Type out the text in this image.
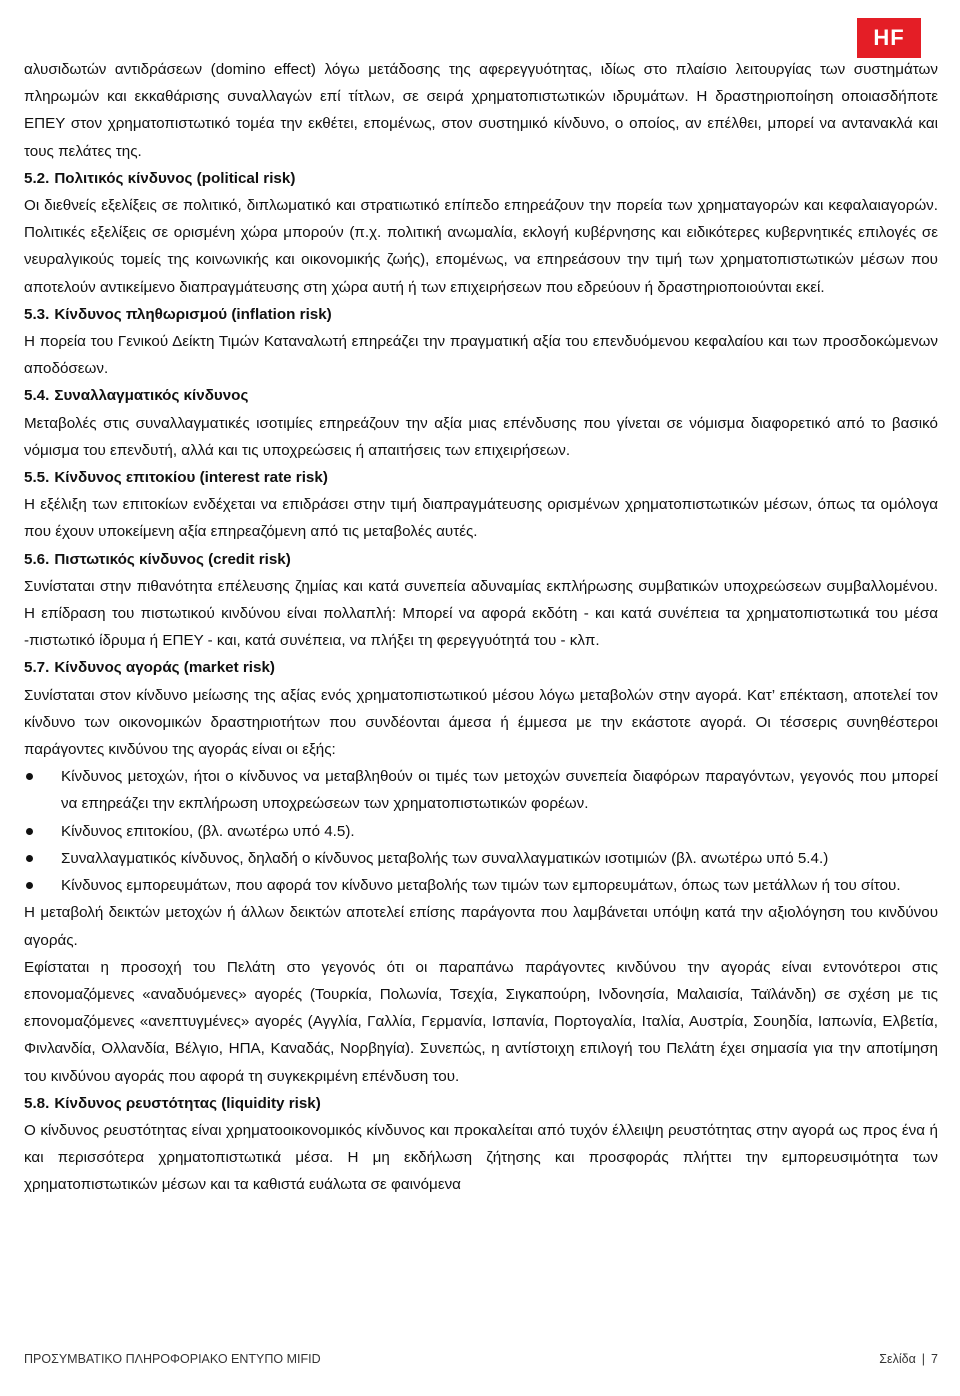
HF

αλυσιδωτών αντιδράσεων (domino effect) λόγω μετάδοσης της αφερεγγυότητας, ιδίως στο πλαίσιο λειτουργίας των συστημάτων πληρωμών και εκκαθάρισης συναλλαγών επί τίτλων, σε σειρά χρηματοπιστωτικών ιδρυμάτων. Η δραστηριοποίηση οποιασδήποτε ΕΠΕΥ στον χρηματοπιστωτικό τομέα την εκθέτει, επομένως, στον συστημικό κίνδυνο, ο οποίος, αν επέλθει, μπορεί να αντανακλά και τους πελάτες της.

5.2. Πολιτικός κίνδυνος (political risk)

Οι διεθνείς εξελίξεις σε πολιτικό, διπλωματικό και στρατιωτικό επίπεδο επηρεάζουν την πορεία των χρηματαγορών και κεφαλαιαγορών. Πολιτικές εξελίξεις σε ορισμένη χώρα μπορούν (π.χ. πολιτική ανωμαλία, εκλογή κυβέρνησης και ειδικότερες κυβερνητικές επιλογές σε νευραλγικούς τομείς της κοινωνικής και οικονομικής ζωής), επομένως, να επηρεάσουν την τιμή των χρηματοπιστωτικών μέσων που αποτελούν αντικείμενο διαπραγμάτευσης στη χώρα αυτή ή των επιχειρήσεων που εδρεύουν ή δραστηριοποιούνται εκεί.

5.3. Κίνδυνος πληθωρισμού (inflation risk)

Η πορεία του Γενικού Δείκτη Τιμών Καταναλωτή επηρεάζει την πραγματική αξία του επενδυόμενου κεφαλαίου και των προσδοκώμενων αποδόσεων.

5.4. Συναλλαγματικός κίνδυνος

Μεταβολές στις συναλλαγματικές ισοτιμίες επηρεάζουν την αξία μιας επένδυσης που γίνεται σε νόμισμα διαφορετικό από το βασικό νόμισμα του επενδυτή, αλλά και τις υποχρεώσεις ή απαιτήσεις των επιχειρήσεων.

5.5. Κίνδυνος επιτοκίου (interest rate risk)

Η εξέλιξη των επιτοκίων ενδέχεται να επιδράσει στην τιμή διαπραγμάτευσης ορισμένων χρηματοπιστωτικών μέσων, όπως τα ομόλογα που έχουν υποκείμενη αξία επηρεαζόμενη από τις μεταβολές αυτές.

5.6. Πιστωτικός κίνδυνος (credit risk)

Συνίσταται στην πιθανότητα επέλευσης ζημίας και κατά συνεπεία αδυναμίας εκπλήρωσης συμβατικών υποχρεώσεων συμβαλλομένου. Η επίδραση του πιστωτικού κινδύνου είναι πολλαπλή: Μπορεί να αφορά εκδότη - και κατά συνέπεια τα χρηματοπιστωτικά του μέσα -πιστωτικό ίδρυμα ή ΕΠΕΥ - και, κατά συνέπεια, να πλήξει τη φερεγγυότητά του - κλπ.

5.7. Κίνδυνος αγοράς (market risk)

Συνίσταται στον κίνδυνο μείωσης της αξίας ενός χρηματοπιστωτικού μέσου λόγω μεταβολών στην αγορά. Κατ’ επέκταση, αποτελεί τον κίνδυνο των οικονομικών δραστηριοτήτων που συνδέονται άμεσα ή έμμεσα με την εκάστοτε αγορά. Οι τέσσερις συνηθέστεροι παράγοντες κινδύνου της αγοράς είναι οι εξής:

Κίνδυνος μετοχών, ήτοι ο κίνδυνος να μεταβληθούν οι τιμές των μετοχών συνεπεία διαφόρων παραγόντων, γεγονός που μπορεί να επηρεάζει την εκπλήρωση υποχρεώσεων των χρηματοπιστωτικών φορέων.
Κίνδυνος επιτοκίου, (βλ. ανωτέρω υπό 4.5).
Συναλλαγματικός κίνδυνος, δηλαδή ο κίνδυνος μεταβολής των συναλλαγματικών ισοτιμιών (βλ. ανωτέρω υπό 5.4.)
Κίνδυνος εμπορευμάτων, που αφορά τον κίνδυνο μεταβολής των τιμών των εμπορευμάτων, όπως των μετάλλων ή του σίτου.

Η μεταβολή δεικτών μετοχών ή άλλων δεικτών αποτελεί επίσης παράγοντα που λαμβάνεται υπόψη κατά την αξιολόγηση του κινδύνου αγοράς.

Εφίσταται η προσοχή του Πελάτη στο γεγονός ότι οι παραπάνω παράγοντες κινδύνου την αγοράς είναι εντονότεροι στις επονομαζόμενες «αναδυόμενες» αγορές (Τουρκία, Πολωνία, Τσεχία, Σιγκαπούρη, Ινδονησία, Μαλαισία, Ταϊλάνδη) σε σχέση με τις επονομαζόμενες «ανεπτυγμένες» αγορές (Αγγλία, Γαλλία, Γερμανία, Ισπανία, Πορτογαλία, Ιταλία, Αυστρία, Σουηδία, Ιαπωνία, Ελβετία, Φινλανδία, Ολλανδία, Βέλγιο, ΗΠΑ, Καναδάς, Νορβηγία). Συνεπώς, η αντίστοιχη επιλογή του Πελάτη έχει σημασία για την αποτίμηση του κινδύνου αγοράς που αφορά τη συγκεκριμένη επένδυση του.

5.8. Κίνδυνος ρευστότητας (liquidity risk)

Ο κίνδυνος ρευστότητας είναι χρηματοοικονομικός κίνδυνος και προκαλείται από τυχόν έλλειψη ρευστότητας στην αγορά ως προς ένα ή και περισσότερα χρηματοπιστωτικά μέσα. Η μη εκδήλωση ζήτησης και προσφοράς πλήττει την εμπορευσιμότητα των χρηματοπιστωτικών μέσων και τα καθιστά ευάλωτα σε φαινόμενα

ΠΡΟΣΥΜΒΑΤΙΚΟ ΠΛΗΡΟΦΟΡΙΑΚΟ ΕΝΤΥΠΟ MIFID	Σελίδα | 7
